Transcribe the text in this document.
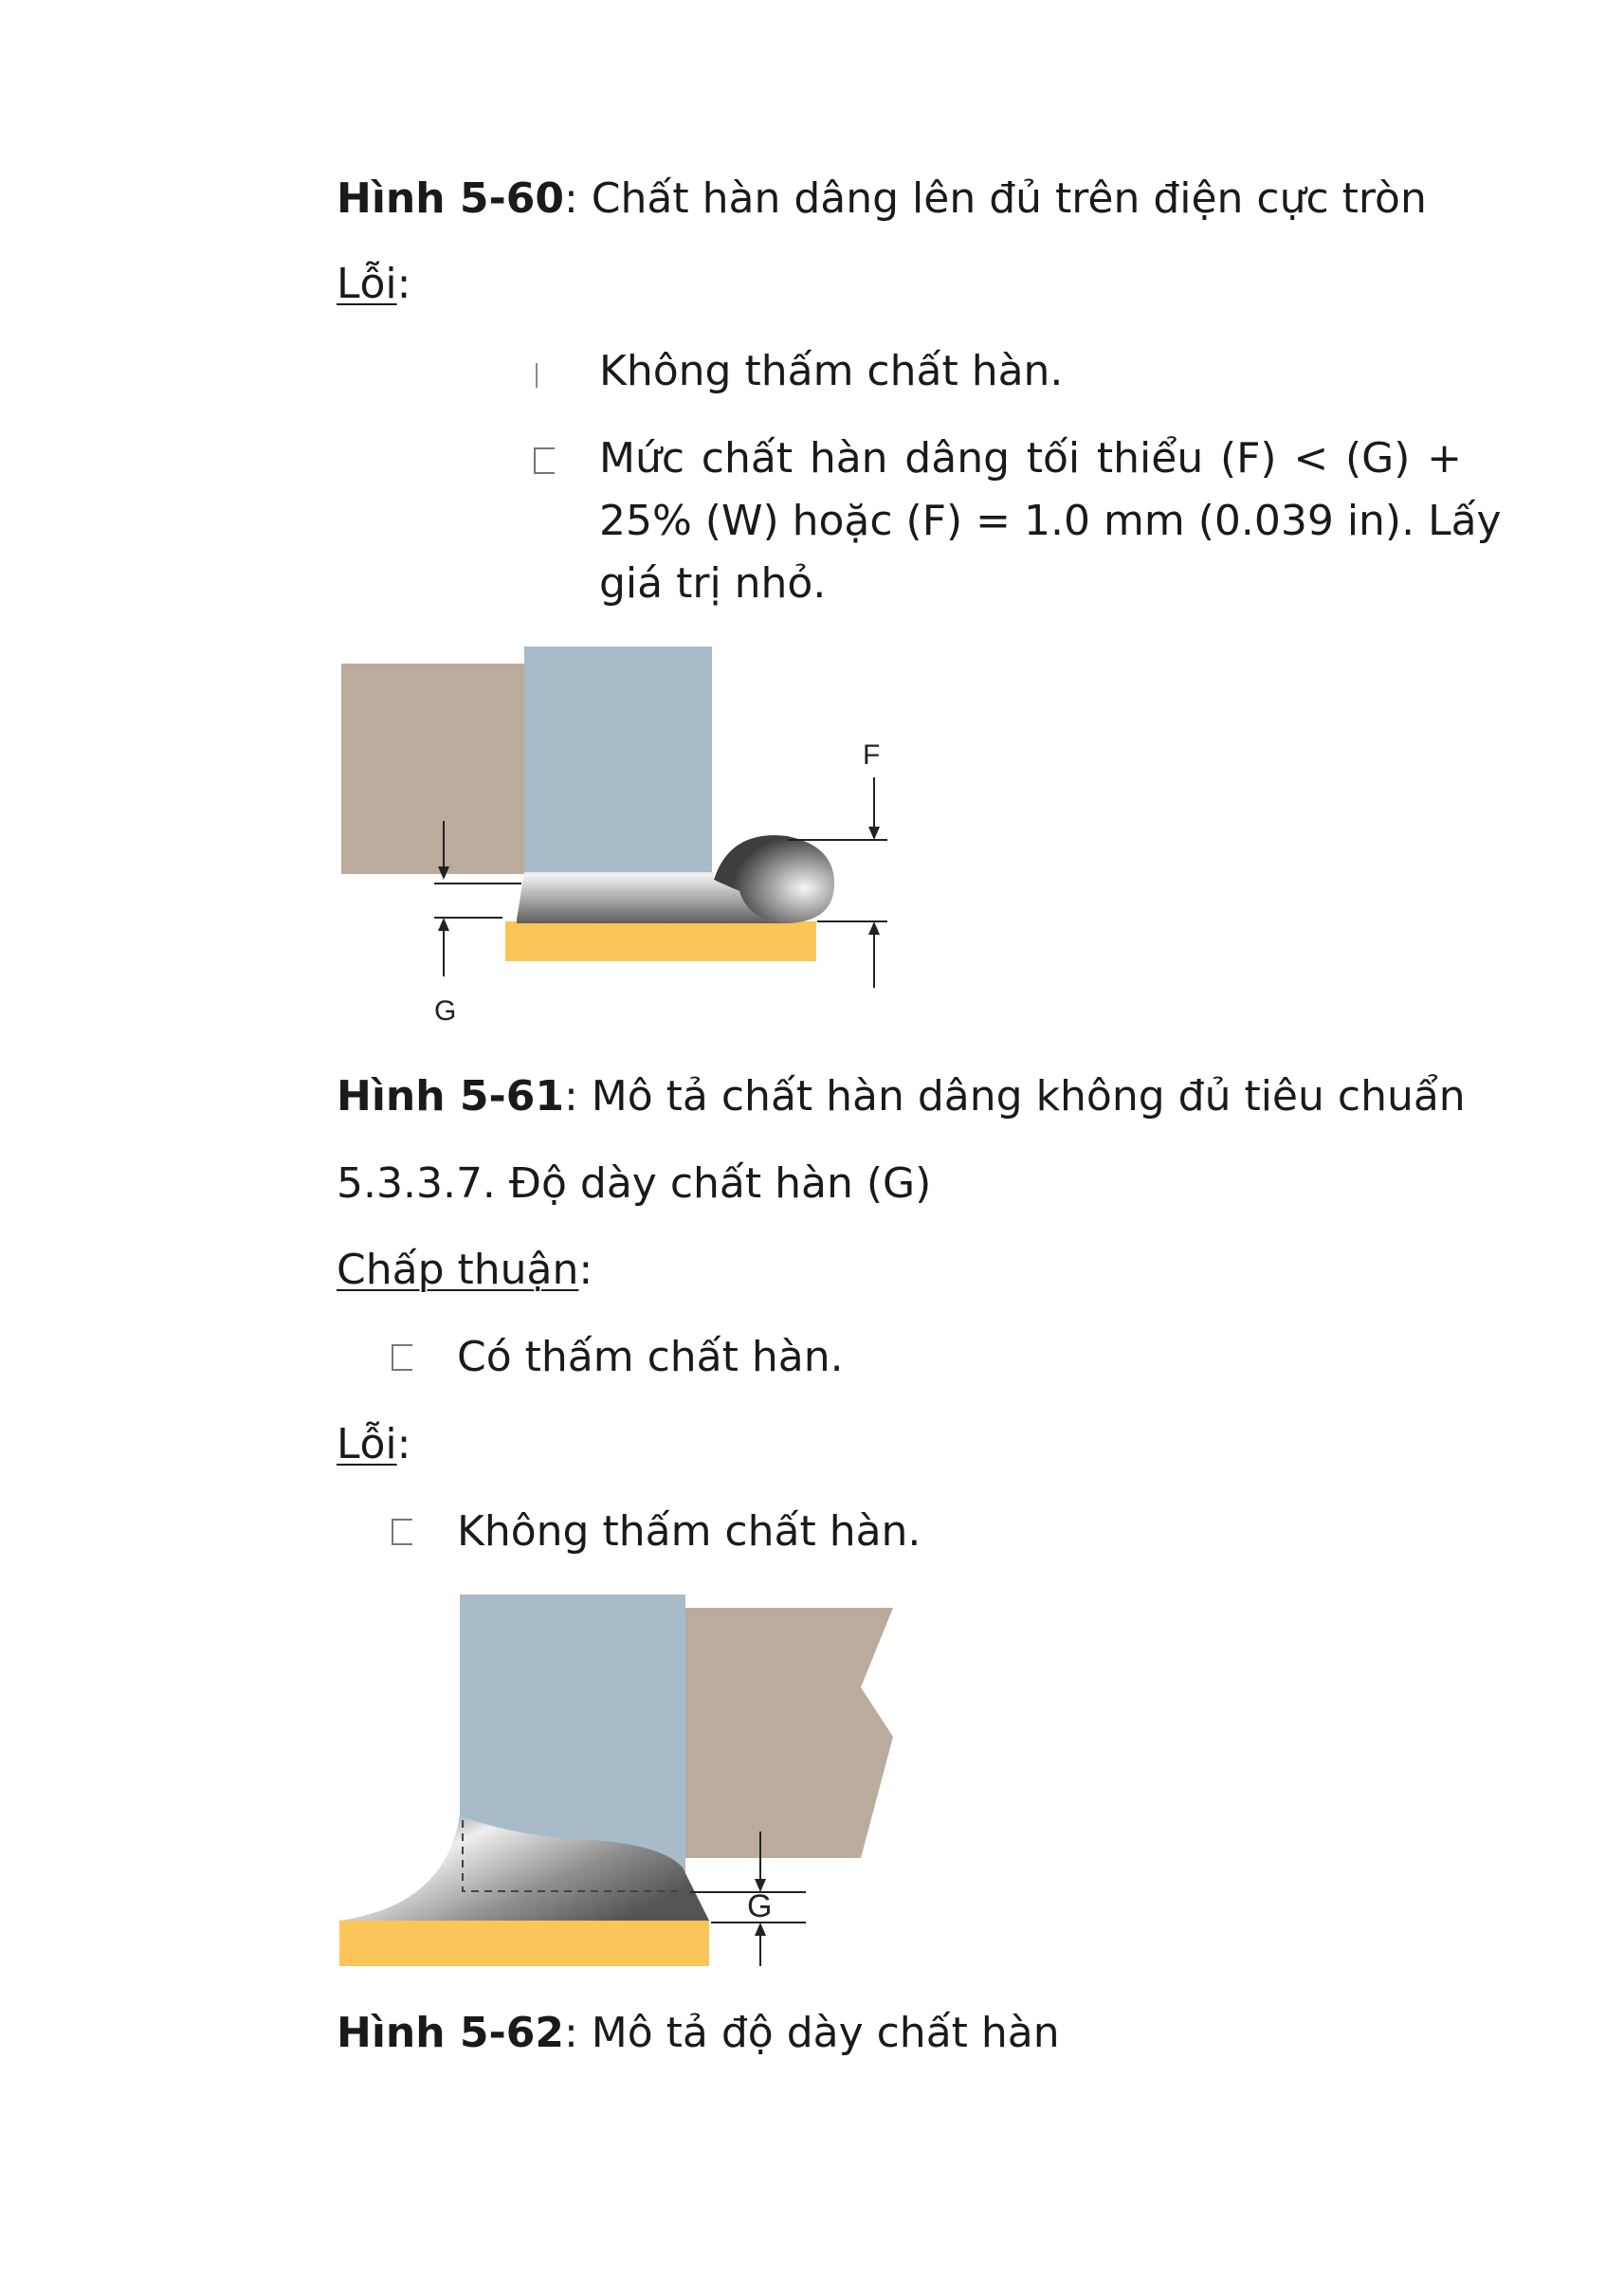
Hình 5-60: Chất hàn dâng lên đủ trên điện cực tròn
Lỗi:
Không thấm chất hàn.
Mức chất hàn dâng tối thiểu (F) < (G) +
25% (W) hoặc (F) = 1.0 mm (0.039 in). Lấy
giá trị nhỏ.
G
F
Hình 5-61: Mô tả chất hàn dâng không đủ tiêu chuẩn
5.3.3.7. Độ dày chất hàn (G)
Chấp thuận:
Có thấm chất hàn.
Lỗi:
Không thấm chất hàn.
G
Hình 5-62: Mô tả độ dày chất hàn
